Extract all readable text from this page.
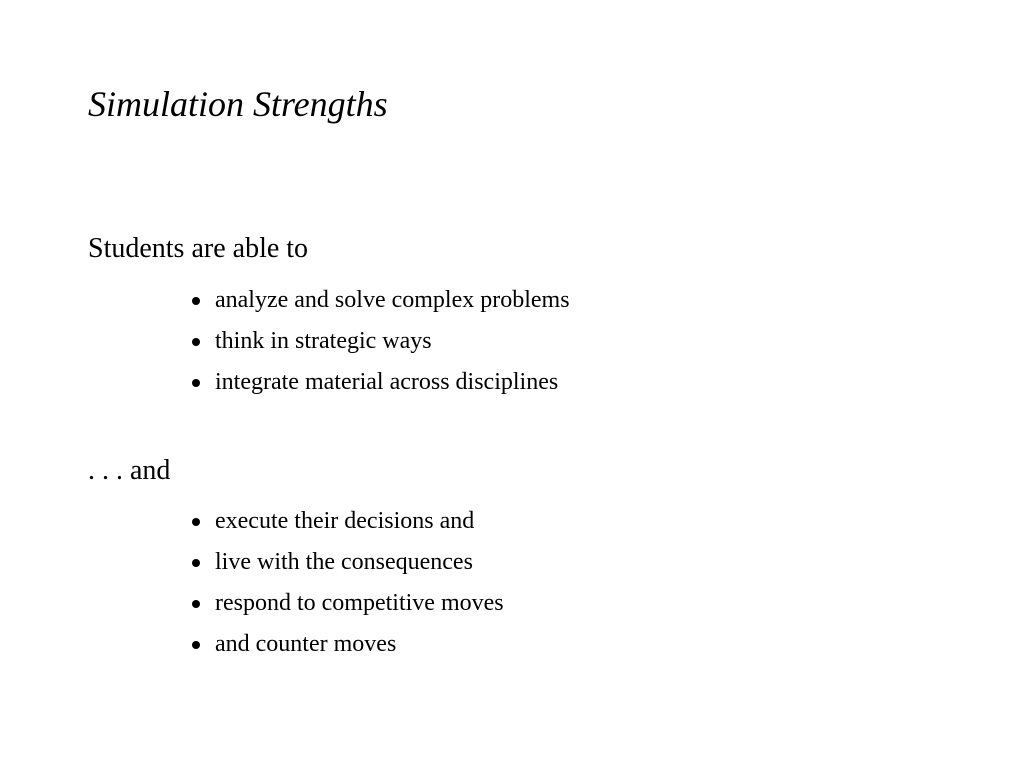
Simulation Strengths
Students are able to
analyze and solve complex problems
think in strategic ways
integrate material across disciplines
. . . and
execute their decisions and
live with the consequences
respond to competitive moves
and counter moves
